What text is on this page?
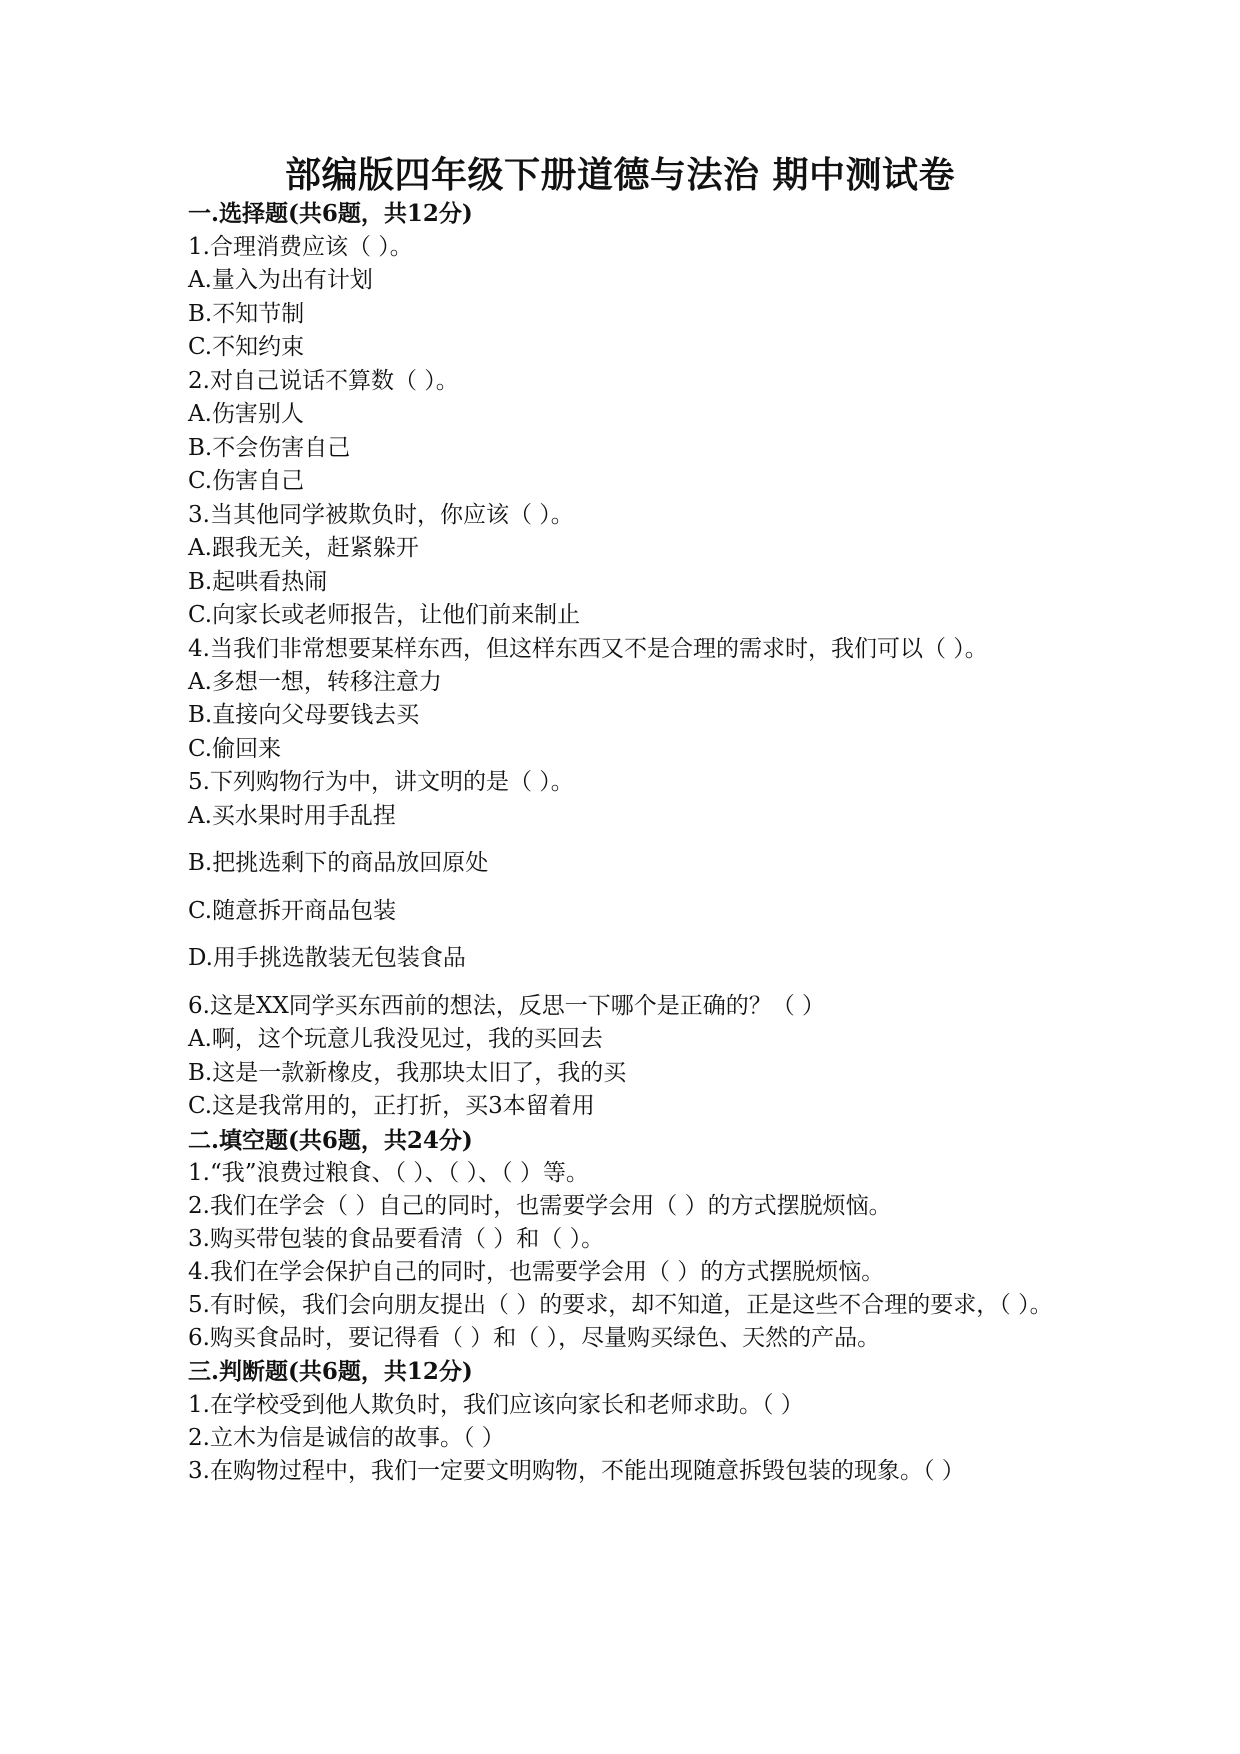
部编版四年级下册道德与法治 期中测试卷
一.选择题(共6题，共12分)
1.合理消费应该（ ）。
A.量入为出有计划
B.不知节制
C.不知约束
2.对自己说话不算数（ ）。
A.伤害别人
B.不会伤害自己
C.伤害自己
3.当其他同学被欺负时，你应该（ ）。
A.跟我无关，赶紧躲开
B.起哄看热闹
C.向家长或老师报告，让他们前来制止
4.当我们非常想要某样东西，但这样东西又不是合理的需求时，我们可以（ ）。
A.多想一想，转移注意力
B.直接向父母要钱去买
C.偷回来
5.下列购物行为中，讲文明的是（ ）。
A.买水果时用手乱捏
B.把挑选剩下的商品放回原处
C.随意拆开商品包装
D.用手挑选散装无包装食品
6.这是XX同学买东西前的想法，反思一下哪个是正确的？（ ）
A.啊，这个玩意儿我没见过，我的买回去
B.这是一款新橡皮，我那块太旧了，我的买
C.这是我常用的，正打折，买3本留着用
二.填空题(共6题，共24分)
1.“我”浪费过粮食、（ ）、（ ）、（ ）等。
2.我们在学会（ ）自己的同时，也需要学会用（ ）的方式摆脱烦恼。
3.购买带包装的食品要看清（ ）和（ ）。
4.我们在学会保护自己的同时，也需要学会用（ ）的方式摆脱烦恼。
5.有时候，我们会向朋友提出（ ）的要求，却不知道，正是这些不合理的要求，（ ）。
6.购买食品时，要记得看（ ）和（ ），尽量购买绿色、天然的产品。
三.判断题(共6题，共12分)
1.在学校受到他人欺负时，我们应该向家长和老师求助。（ ）
2.立木为信是诚信的故事。（ ）
3.在购物过程中，我们一定要文明购物，不能出现随意拆毁包装的现象。（ ）
